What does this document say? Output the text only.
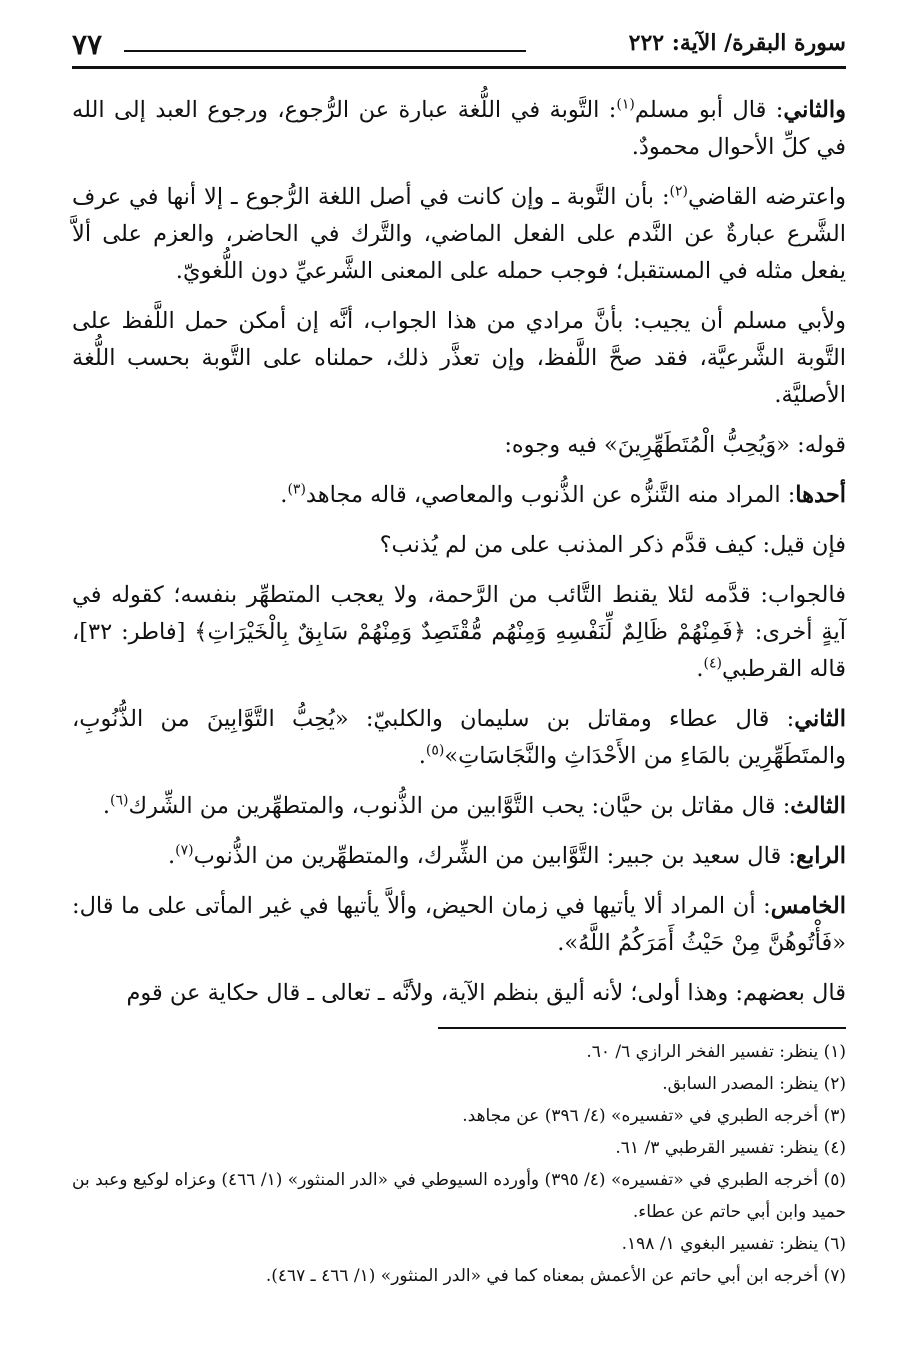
سورة البقرة/ الآية: ٢٢٢
٧٧

والثاني: قال أبو مسلم$^{(١)}$: التَّوبة في اللُّغة عبارة عن الرُّجوع، ورجوع العبد إلى الله في كلِّ الأحوال محمودٌ.

واعترضه القاضي$^{(٢)}$: بأن التَّوبة ـ وإن كانت في أصل اللغة الرُّجوع ـ إلا أنها في عرف الشَّرع عبارةٌ عن النَّدم على الفعل الماضي، والتَّرك في الحاضر، والعزم على ألاَّ يفعل مثله في المستقبل؛ فوجب حمله على المعنى الشَّرعيِّ دون اللُّغويّ.

ولأبي مسلم أن يجيب: بأنَّ مرادي من هذا الجواب، أنَّه إن أمكن حمل اللَّفظ على التَّوبة الشَّرعيَّة، فقد صحَّ اللَّفظ، وإن تعذَّر ذلك، حملناه على التَّوبة بحسب اللُّغة الأصليَّة.

قوله: «وَيُحِبُّ الْمُتَطَهِّرِينَ» فيه وجوه:

أحدها: المراد منه التَّنزُّه عن الذُّنوب والمعاصي، قاله مجاهد$^{(٣)}$.

فإن قيل: كيف قدَّم ذكر المذنب على من لم يُذنب؟

فالجواب: قدَّمه لئلا يقنط التَّائب من الرَّحمة، ولا يعجب المتطهِّر بنفسه؛ كقوله في آيةٍ أخرى: ﴿فَمِنْهُمْ ظَالِمٌ لِّنَفْسِهِ وَمِنْهُم مُّقْتَصِدٌ وَمِنْهُمْ سَابِقٌ بِالْخَيْرَاتِ﴾ [فاطر: ٣٢]، قاله القرطبي$^{(٤)}$.

الثاني: قال عطاء ومقاتل بن سليمان والكلبيّ: «يُحِبُّ التَّوَّابِينَ من الذُّنُوبِ، والمتَطَهِّرِين بالمَاءِ من الأَحْدَاثِ والنَّجَاسَاتِ»$^{(٥)}$.

الثالث: قال مقاتل بن حيَّان: يحب التَّوَّابين من الذُّنوب، والمتطهِّرين من الشِّرك$^{(٦)}$.

الرابع: قال سعيد بن جبير: التَّوَّابين من الشِّرك، والمتطهِّرين من الذُّنوب$^{(٧)}$.

الخامس: أن المراد ألا يأتيها في زمان الحيض، وألاَّ يأتيها في غير المأتى على ما قال: «فَأْتُوهُنَّ مِنْ حَيْثُ أَمَرَكُمُ اللَّهُ».

قال بعضهم: وهذا أولى؛ لأنه أليق بنظم الآية، ولأنَّه ـ تعالى ـ قال حكاية عن قوم

(١) ينظر: تفسير الفخر الرازي ٦/ ٦٠.

(٢) ينظر: المصدر السابق.

(٣) أخرجه الطبري في «تفسيره» (٤/ ٣٩٦) عن مجاهد.

(٤) ينظر: تفسير القرطبي ٣/ ٦١.

(٥) أخرجه الطبري في «تفسيره» (٤/ ٣٩٥) وأورده السيوطي في «الدر المنثور» (١/ ٤٦٦) وعزاه لوكيع وعبد بن حميد وابن أبي حاتم عن عطاء.

(٦) ينظر: تفسير البغوي ١/ ١٩٨.

(٧) أخرجه ابن أبي حاتم عن الأعمش بمعناه كما في «الدر المنثور» (١/ ٤٦٦ ـ ٤٦٧).
